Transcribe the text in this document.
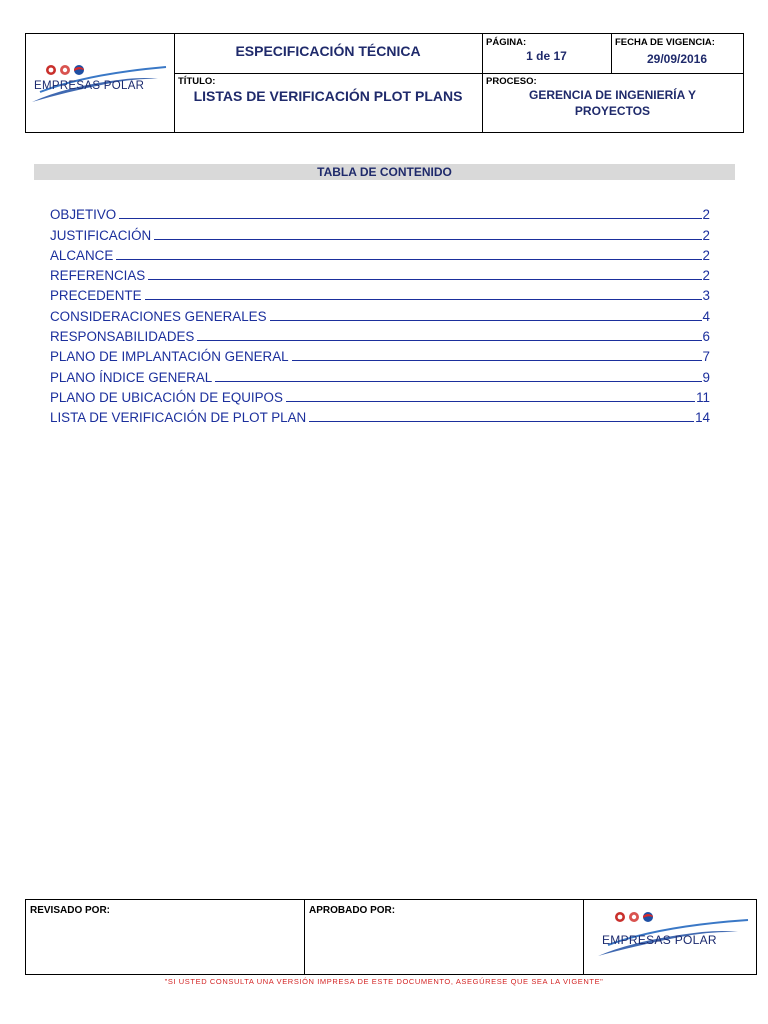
EMPRESAS POLAR
ESPECIFICACIÓN TÉCNICA
PÁGINA:
1 de 17
FECHA DE VIGENCIA:
29/09/2016
TÍTULO:
LISTAS DE VERIFICACIÓN PLOT PLANS
PROCESO:
GERENCIA DE INGENIERÍA Y
PROYECTOS
TABLA DE CONTENIDO
OBJETIVO	2
JUSTIFICACIÓN	2
ALCANCE	2
REFERENCIAS	2
PRECEDENTE	3
CONSIDERACIONES GENERALES	4
RESPONSABILIDADES	6
PLANO DE IMPLANTACIÓN GENERAL	7
PLANO ÍNDICE GENERAL	9
PLANO DE UBICACIÓN DE EQUIPOS	11
LISTA DE VERIFICACIÓN DE PLOT PLAN	14
REVISADO POR:	APROBADO POR:
EMPRESAS POLAR
"SI USTED CONSULTA UNA VERSIÓN IMPRESA DE ESTE DOCUMENTO, ASEGÚRESE QUE SEA LA VIGENTE"
